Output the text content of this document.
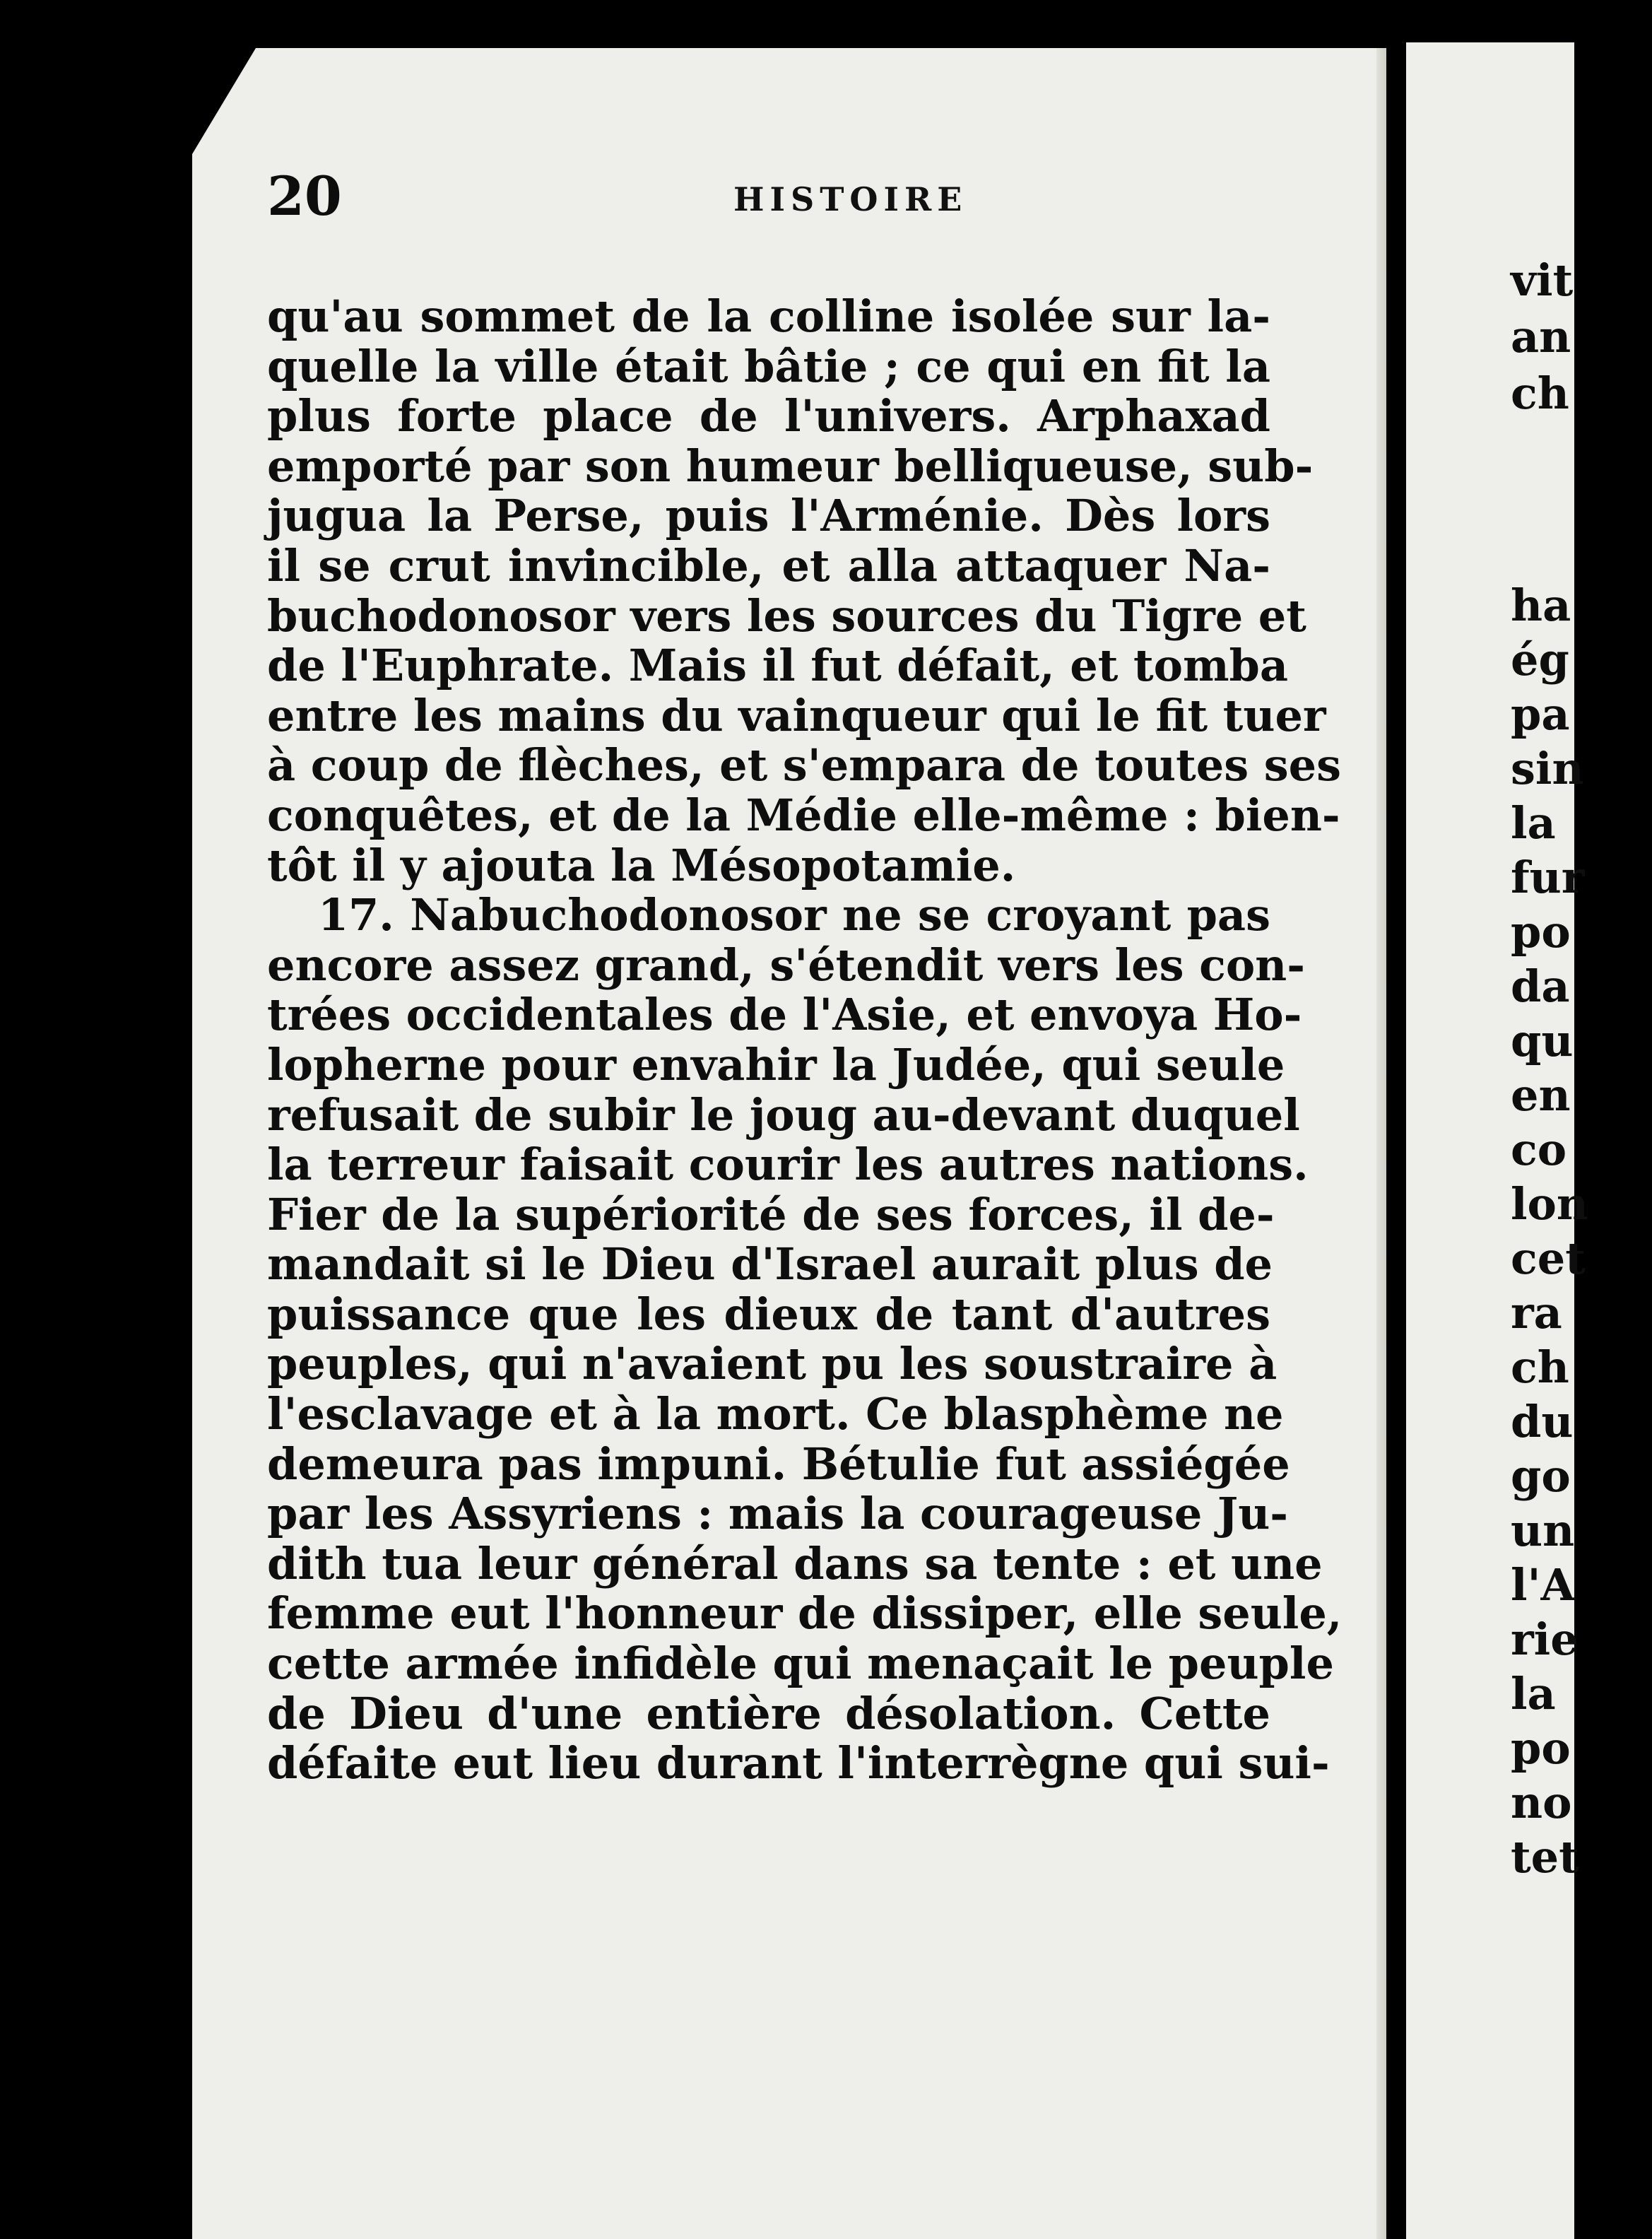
20	HISTOIRE
qu'au sommet de la colline isolée sur la-
quelle la ville était bâtie ; ce qui en fit la
plus forte place de l'univers. Arphaxad
emporté par son humeur belliqueuse, sub-
jugua la Perse, puis l'Arménie. Dès lors
il se crut invincible, et alla attaquer Na-
buchodonosor vers les sources du Tigre et
de l'Euphrate. Mais il fut défait, et tomba
entre les mains du vainqueur qui le fit tuer
à coup de flèches, et s'empara de toutes ses
conquêtes, et de la Médie elle-même : bien-
tôt il y ajouta la Mésopotamie.
17. Nabuchodonosor ne se croyant pas
encore assez grand, s'étendit vers les con-
trées occidentales de l'Asie, et envoya Ho-
lopherne pour envahir la Judée, qui seule
refusait de subir le joug au-devant duquel
la terreur faisait courir les autres nations.
Fier de la supériorité de ses forces, il de-
mandait si le Dieu d'Israel aurait plus de
puissance que les dieux de tant d'autres
peuples, qui n'avaient pu les soustraire à
l'esclavage et à la mort. Ce blasphème ne
demeura pas impuni. Bétulie fut assiégée
par les Assyriens : mais la courageuse Ju-
dith tua leur général dans sa tente : et une
femme eut l'honneur de dissiper, elle seule,
cette armée infidèle qui menaçait le peuple
de Dieu d'une entière désolation. Cette
défaite eut lieu durant l'interrègne qui sui-
vit
an
ch
ha
ég
pa
sin
la
fur
po
da
qu
en
co
lon
cet
ra
ch
du
go
un
l'A
rie
la
po
no
tet
